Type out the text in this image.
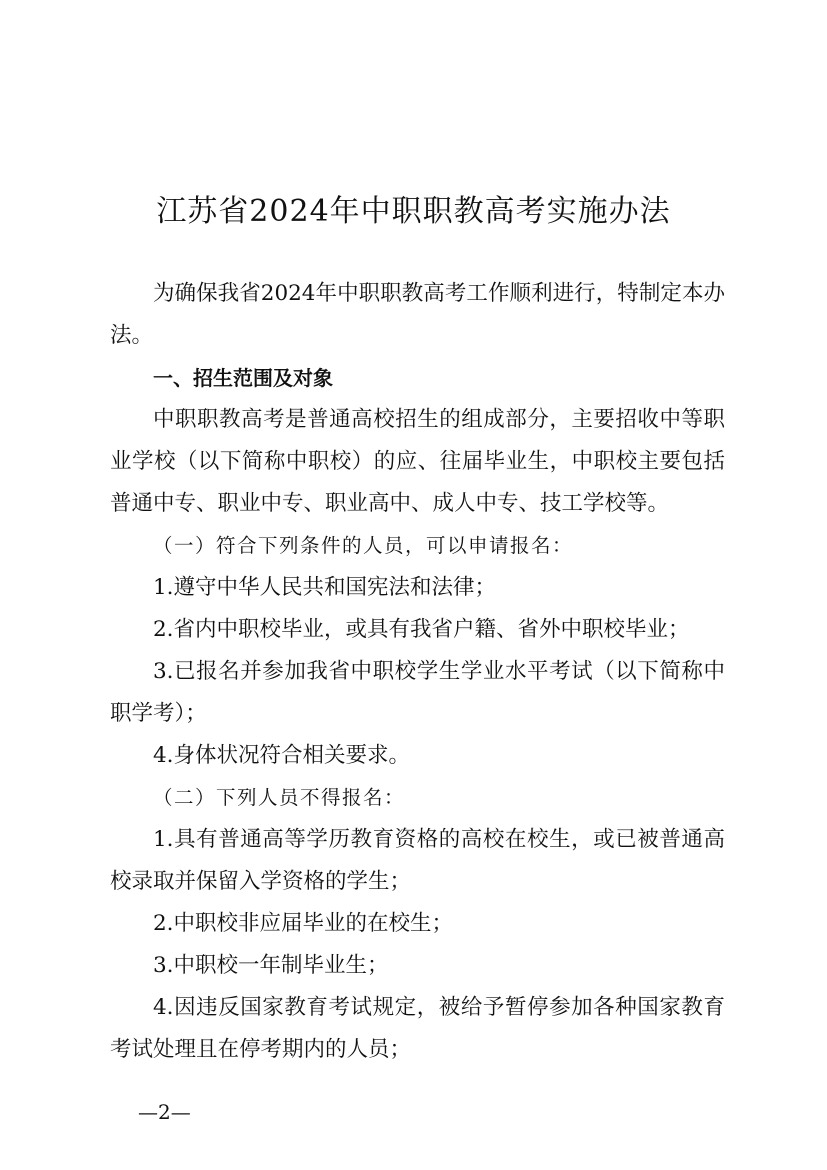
江苏省2024年中职职教高考实施办法

为确保我省2024年中职职教高考工作顺利进行，特制定本办法。

一、招生范围及对象

中职职教高考是普通高校招生的组成部分，主要招收中等职业学校（以下简称中职校）的应、往届毕业生，中职校主要包括普通中专、职业中专、职业高中、成人中专、技工学校等。

（一）符合下列条件的人员，可以申请报名：

1.遵守中华人民共和国宪法和法律；

2.省内中职校毕业，或具有我省户籍、省外中职校毕业；

3.已报名并参加我省中职校学生学业水平考试（以下简称中职学考）；

4.身体状况符合相关要求。

（二）下列人员不得报名：

1.具有普通高等学历教育资格的高校在校生，或已被普通高校录取并保留入学资格的学生；

2.中职校非应届毕业的在校生；

3.中职校一年制毕业生；

4.因违反国家教育考试规定，被给予暂停参加各种国家教育考试处理且在停考期内的人员；

—2—
